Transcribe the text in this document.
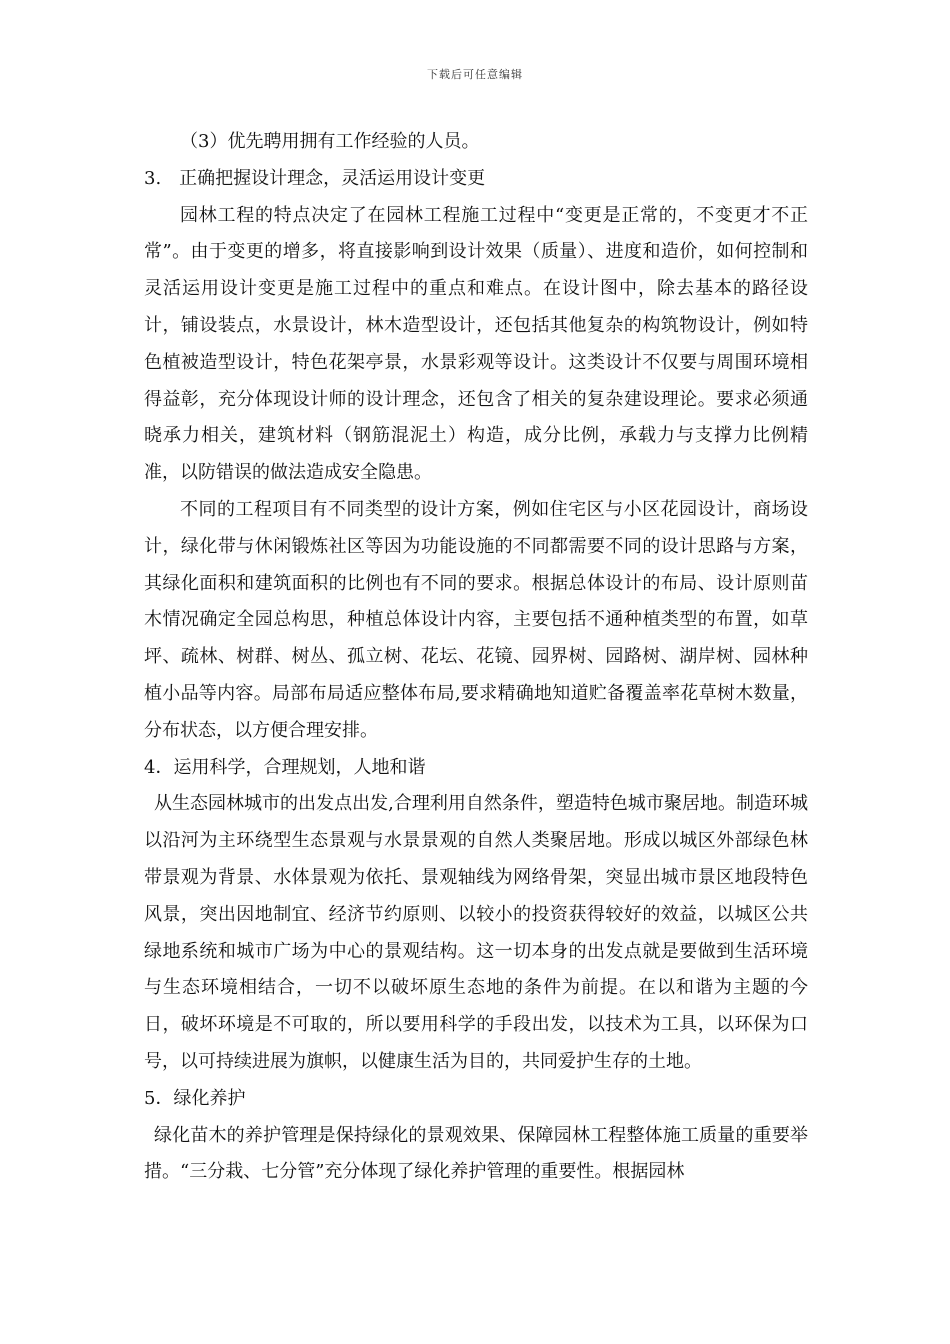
下载后可任意编辑

（3）优先聘用拥有工作经验的人员。

3.　正确把握设计理念，灵活运用设计变更

园林工程的特点决定了在园林工程施工过程中“变更是正常的，不变更才不正常”。由于变更的增多，将直接影响到设计效果（质量）、进度和造价，如何控制和灵活运用设计变更是施工过程中的重点和难点。在设计图中，除去基本的路径设计，铺设装点，水景设计，林木造型设计，还包括其他复杂的构筑物设计，例如特色植被造型设计，特色花架亭景，水景彩观等设计。这类设计不仅要与周围环境相得益彰，充分体现设计师的设计理念，还包含了相关的复杂建设理论。要求必须通晓承力相关，建筑材料（钢筋混泥土）构造，成分比例，承载力与支撑力比例精准，以防错误的做法造成安全隐患。

不同的工程项目有不同类型的设计方案，例如住宅区与小区花园设计，商场设计，绿化带与休闲锻炼社区等因为功能设施的不同都需要不同的设计思路与方案，其绿化面积和建筑面积的比例也有不同的要求。根据总体设计的布局、设计原则苗木情况确定全园总构思，种植总体设计内容，主要包括不通种植类型的布置，如草坪、疏林、树群、树丛、孤立树、花坛、花镜、园界树、园路树、湖岸树、园林种植小品等内容。局部布局适应整体布局,要求精确地知道贮备覆盖率花草树木数量，分布状态，以方便合理安排。

4．运用科学，合理规划，人地和谐

从生态园林城市的出发点出发,合理利用自然条件，塑造特色城市聚居地。制造环城以沿河为主环绕型生态景观与水景景观的自然人类聚居地。形成以城区外部绿色林带景观为背景、水体景观为依托、景观轴线为网络骨架，突显出城市景区地段特色风景，突出因地制宜、经济节约原则、以较小的投资获得较好的效益，以城区公共绿地系统和城市广场为中心的景观结构。这一切本身的出发点就是要做到生活环境与生态环境相结合，一切不以破坏原生态地的条件为前提。在以和谐为主题的今日，破坏环境是不可取的，所以要用科学的手段出发，以技术为工具，以环保为口号，以可持续进展为旗帜，以健康生活为目的，共同爱护生存的土地。

5．绿化养护

绿化苗木的养护管理是保持绿化的景观效果、保障园林工程整体施工质量的重要举措。“三分栽、七分管”充分体现了绿化养护管理的重要性。根据园林
